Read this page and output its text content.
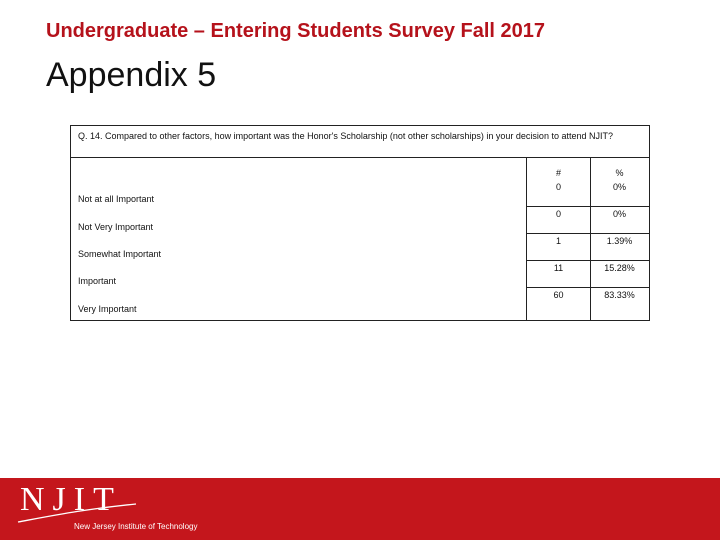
Undergraduate – Entering Students Survey Fall 2017
Appendix 5
Q. 14. Compared to other factors, how important was the Honor's Scholarship (not other scholarships) in your decision to attend NJIT?
Not at all Important
Not Very Important
Somewhat Important
Important
Very Important
#
0
0
1
11
60
%
0%
0%
1.39%
15.28%
83.33%
NJIT
New Jersey Institute of Technology
